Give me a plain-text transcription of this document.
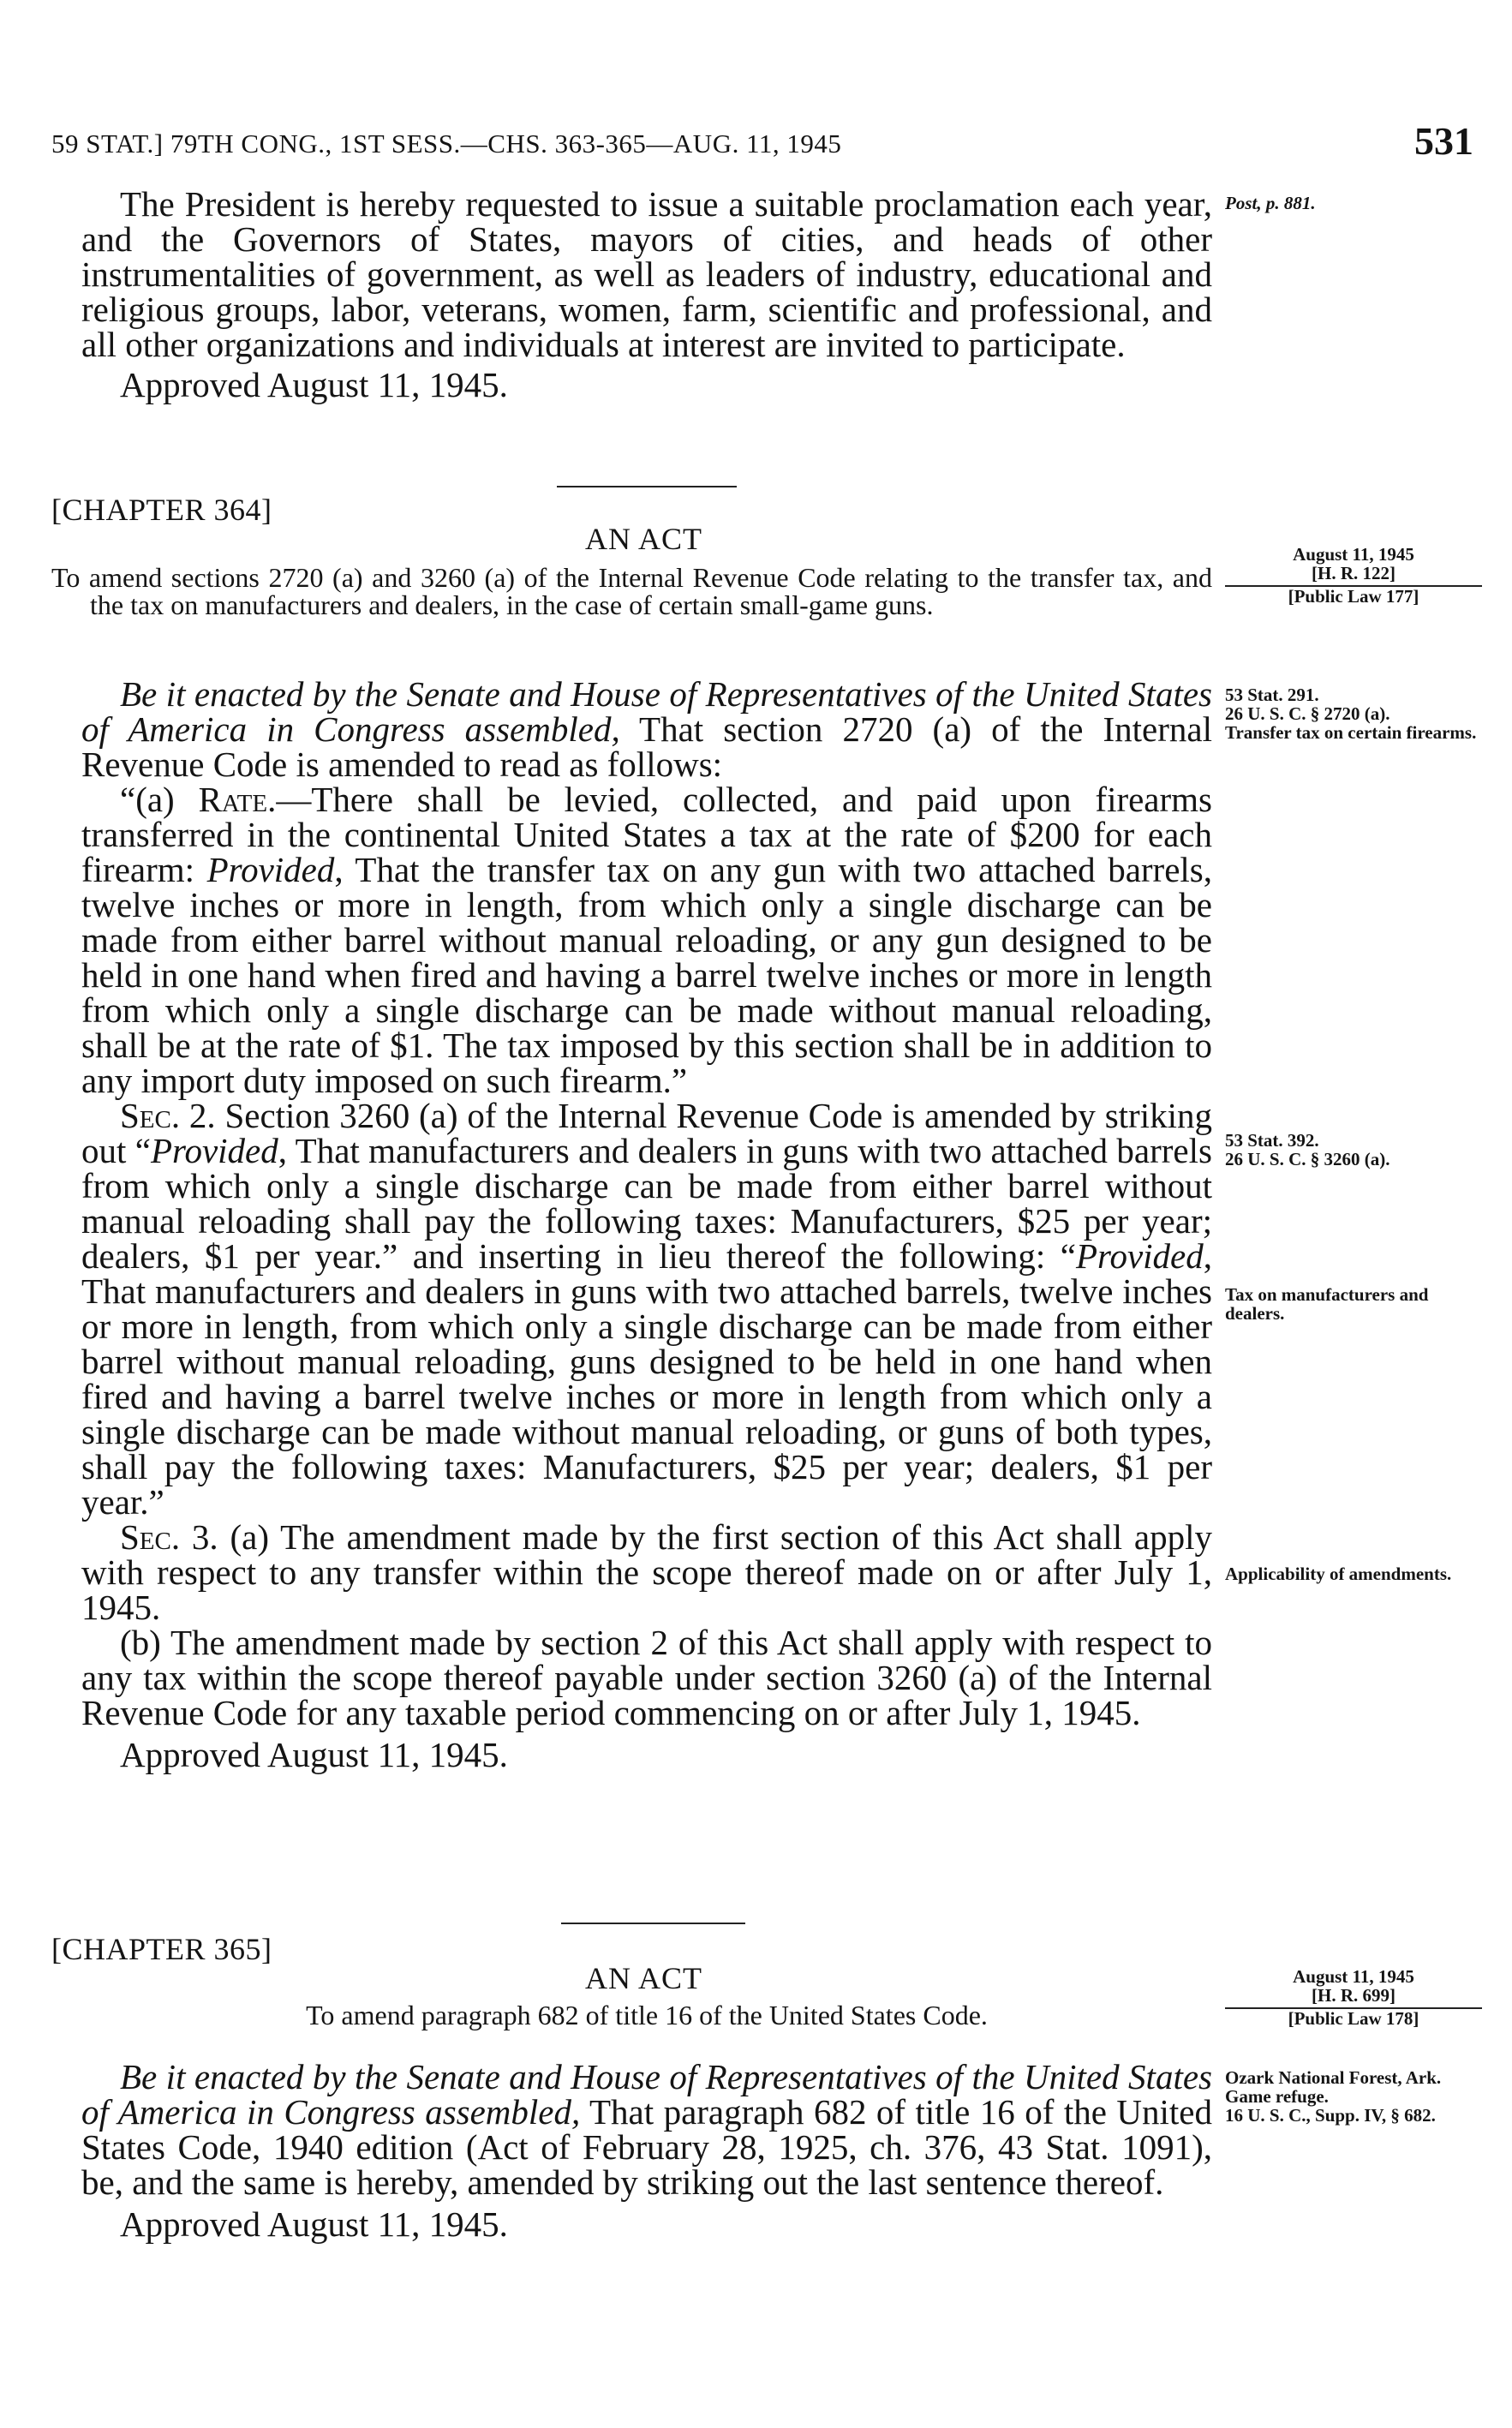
59 STAT.] 79TH CONG., 1ST SESS.—CHS. 363-365—AUG. 11, 1945	531

The President is hereby requested to issue a suitable proclamation each year, and the Governors of States, mayors of cities, and heads of other instrumentalities of government, as well as leaders of industry, educational and religious groups, labor, veterans, women, farm, scientific and professional, and all other organizations and individuals at interest are invited to participate.

Approved August 11, 1945.

Post, p. 881.
[CHAPTER 364]
AN ACT
To amend sections 2720 (a) and 3260 (a) of the Internal Revenue Code relating to the transfer tax, and the tax on manufacturers and dealers, in the case of certain small-game guns.
August 11, 1945
[H. R. 122]
[Public Law 177]

Be it enacted by the Senate and House of Representatives of the United States of America in Congress assembled, That section 2720 (a) of the Internal Revenue Code is amended to read as follows:

“(a) Rate.—There shall be levied, collected, and paid upon firearms transferred in the continental United States a tax at the rate of $200 for each firearm: Provided, That the transfer tax on any gun with two attached barrels, twelve inches or more in length, from which only a single discharge can be made from either barrel without manual reloading, or any gun designed to be held in one hand when fired and having a barrel twelve inches or more in length from which only a single discharge can be made without manual reloading, shall be at the rate of $1. The tax imposed by this section shall be in addition to any import duty imposed on such firearm.”

Sec. 2. Section 3260 (a) of the Internal Revenue Code is amended by striking out “Provided, That manufacturers and dealers in guns with two attached barrels from which only a single discharge can be made from either barrel without manual reloading shall pay the following taxes: Manufacturers, $25 per year; dealers, $1 per year.” and inserting in lieu thereof the following: “Provided, That manufacturers and dealers in guns with two attached barrels, twelve inches or more in length, from which only a single discharge can be made from either barrel without manual reloading, guns designed to be held in one hand when fired and having a barrel twelve inches or more in length from which only a single discharge can be made without manual reloading, or guns of both types, shall pay the following taxes: Manufacturers, $25 per year; dealers, $1 per year.”

Sec. 3. (a) The amendment made by the first section of this Act shall apply with respect to any transfer within the scope thereof made on or after July 1, 1945.

(b) The amendment made by section 2 of this Act shall apply with respect to any tax within the scope thereof payable under section 3260 (a) of the Internal Revenue Code for any taxable period commencing on or after July 1, 1945.

Approved August 11, 1945.

53 Stat. 291.
26 U. S. C. § 2720 (a).
Transfer tax on certain firearms.
53 Stat. 392.
26 U. S. C. § 3260 (a).
Tax on manufacturers and dealers.
Applicability of amendments.
[CHAPTER 365]
AN ACT
To amend paragraph 682 of title 16 of the United States Code.
August 11, 1945
[H. R. 699]
[Public Law 178]

Be it enacted by the Senate and House of Representatives of the United States of America in Congress assembled, That paragraph 682 of title 16 of the United States Code, 1940 edition (Act of February 28, 1925, ch. 376, 43 Stat. 1091), be, and the same is hereby, amended by striking out the last sentence thereof.

Approved August 11, 1945.

Ozark National Forest, Ark.
Game refuge.
16 U. S. C., Supp. IV, § 682.
